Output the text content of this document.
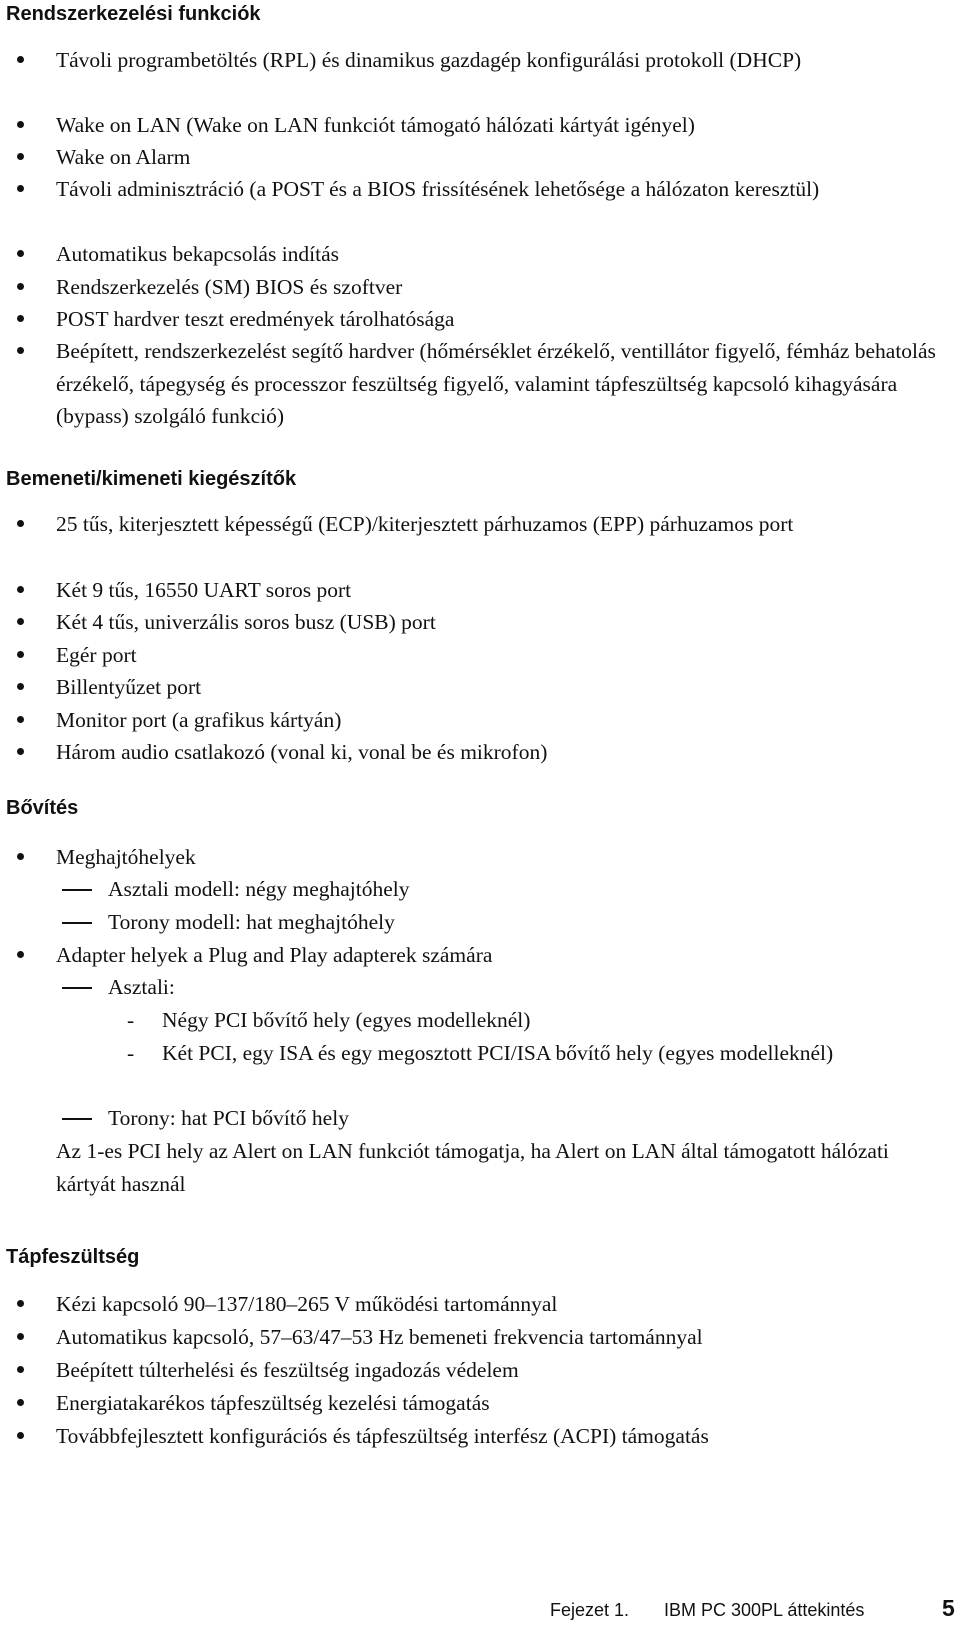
Rendszerkezelési funkciók
Távoli programbetöltés (RPL) és dinamikus gazdagép konfigurálási protokoll (DHCP)
Wake on LAN (Wake on LAN funkciót támogató hálózati kártyát igényel)
Wake on Alarm
Távoli adminisztráció (a POST és a BIOS frissítésének lehetősége a hálózaton keresztül)
Automatikus bekapcsolás indítás
Rendszerkezelés (SM) BIOS és szoftver
POST hardver teszt eredmények tárolhatósága
Beépített, rendszerkezelést segítő hardver (hőmérséklet érzékelő, ventillátor figyelő, fémház behatolás érzékelő, tápegység és processzor feszültség figyelő, valamint tápfeszültség kapcsoló kihagyására (bypass) szolgáló funkció)
Bemeneti/kimeneti kiegészítők
25 tűs, kiterjesztett képességű (ECP)/kiterjesztett párhuzamos (EPP) párhuzamos port
Két 9 tűs, 16550 UART soros port
Két 4 tűs, univerzális soros busz (USB) port
Egér port
Billentyűzet port
Monitor port (a grafikus kártyán)
Három audio csatlakozó (vonal ki, vonal be és mikrofon)
Bővítés
Meghajtóhelyek
Asztali modell: négy meghajtóhely
Torony modell: hat meghajtóhely
Adapter helyek a Plug and Play adapterek számára
Asztali:
- Négy PCI bővítő hely (egyes modelleknél)
- Két PCI, egy ISA és egy megosztott PCI/ISA bővítő hely (egyes modelleknél)
Torony: hat PCI bővítő hely
Az 1-es PCI hely az Alert on LAN funkciót támogatja, ha Alert on LAN által támogatott hálózati kártyát használ
Tápfeszültség
Kézi kapcsoló 90–137/180–265 V működési tartománnyal
Automatikus kapcsoló, 57–63/47–53 Hz bemeneti frekvencia tartománnyal
Beépített túlterhelési és feszültség ingadozás védelem
Energiatakarékos tápfeszültség kezelési támogatás
Továbbfejlesztett konfigurációs és tápfeszültség interfész (ACPI) támogatás
Fejezet 1. IBM PC 300PL áttekintés	5
